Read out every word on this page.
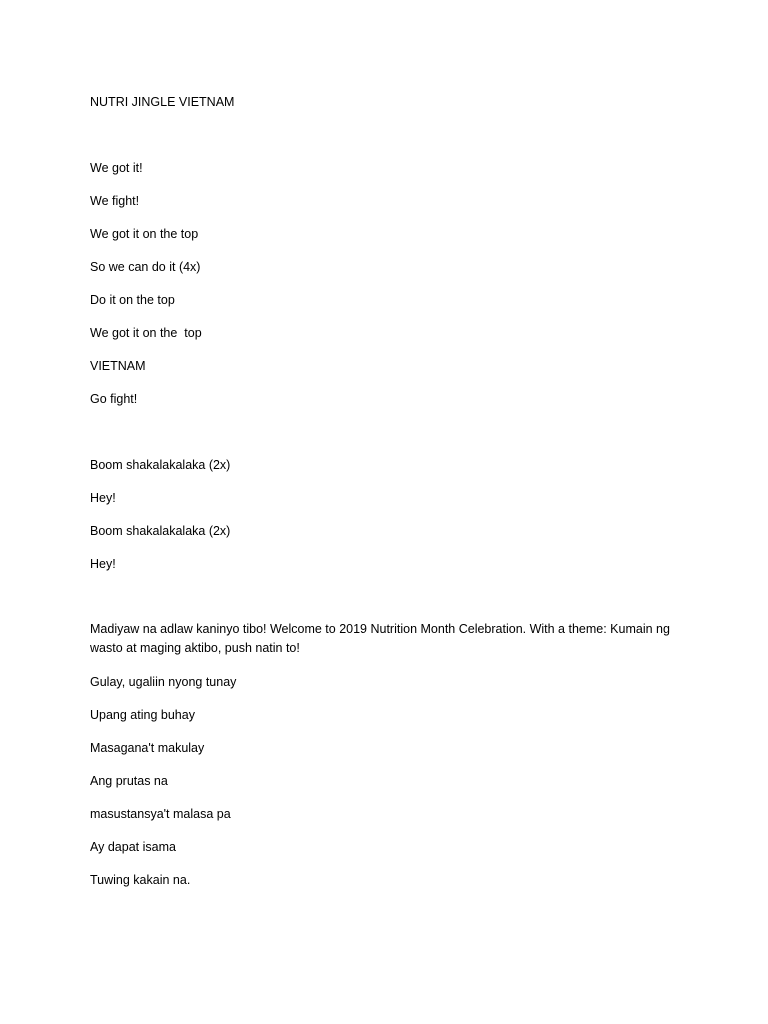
NUTRI JINGLE VIETNAM

We got it!

We fight!

We got it on the top

So we can do it (4x)

Do it on the top

We got it on the  top

VIETNAM

Go fight!

Boom shakalakalaka (2x)

Hey!

Boom shakalakalaka (2x)

Hey!

Madiyaw na adlaw kaninyo tibo! Welcome to 2019 Nutrition Month Celebration. With a theme: Kumain ng wasto at maging aktibo, push natin to!

Gulay, ugaliin nyong tunay

Upang ating buhay

Masagana't makulay

Ang prutas na

masustansya't malasa pa

Ay dapat isama

Tuwing kakain na.
